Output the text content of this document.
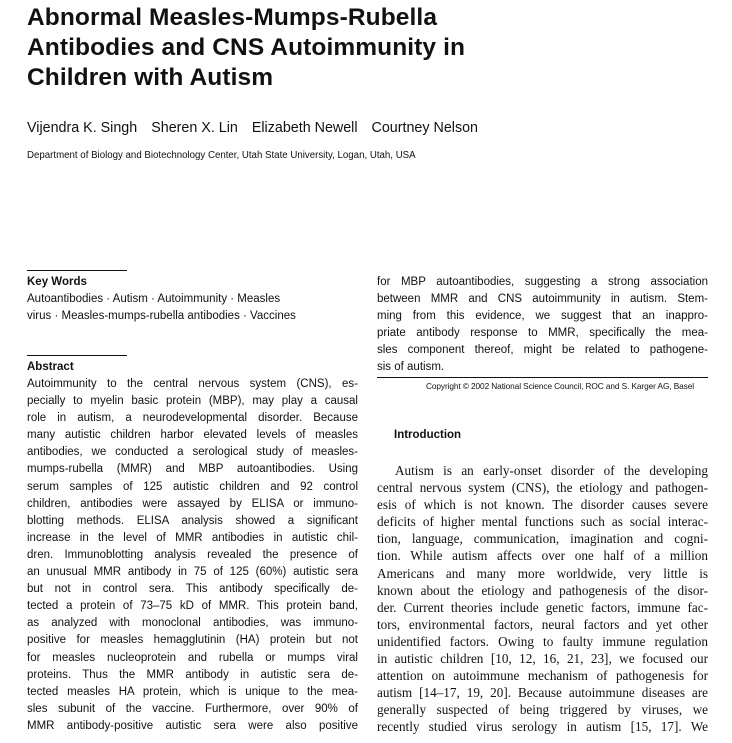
Abnormal Measles-Mumps-Rubella
Antibodies and CNS Autoimmunity in
Children with Autism
Vijendra K. Singh Sheren X. Lin Elizabeth Newell Courtney Nelson
Department of Biology and Biotechnology Center, Utah State University, Logan, Utah, USA
Key Words
Autoantibodies · Autism · Autoimmunity · Measles
virus · Measles-mumps-rubella antibodies · Vaccines
Abstract
Autoimmunity to the central nervous system (CNS), es-
pecially to myelin basic protein (MBP), may play a causal
role in autism, a neurodevelopmental disorder. Because
many autistic children harbor elevated levels of measles
antibodies, we conducted a serological study of measles-
mumps-rubella (MMR) and MBP autoantibodies. Using
serum samples of 125 autistic children and 92 control
children, antibodies were assayed by ELISA or immuno-
blotting methods. ELISA analysis showed a significant
increase in the level of MMR antibodies in autistic chil-
dren. Immunoblotting analysis revealed the presence of
an unusual MMR antibody in 75 of 125 (60%) autistic sera
but not in control sera. This antibody specifically de-
tected a protein of 73–75 kD of MMR. This protein band,
as analyzed with monoclonal antibodies, was immuno-
positive for measles hemagglutinin (HA) protein but not
for measles nucleoprotein and rubella or mumps viral
proteins. Thus the MMR antibody in autistic sera de-
tected measles HA protein, which is unique to the mea-
sles subunit of the vaccine. Furthermore, over 90% of
MMR antibody-positive autistic sera were also positive
for MBP autoantibodies, suggesting a strong association
between MMR and CNS autoimmunity in autism. Stem-
ming from this evidence, we suggest that an inappro-
priate antibody response to MMR, specifically the mea-
sles component thereof, might be related to pathogene-
sis of autism.
Copyright © 2002 National Science Council, ROC and S. Karger AG, Basel
Introduction
Autism is an early-onset disorder of the developing
central nervous system (CNS), the etiology and pathogen-
esis of which is not known. The disorder causes severe
deficits of higher mental functions such as social interac-
tion, language, communication, imagination and cogni-
tion. While autism affects over one half of a million
Americans and many more worldwide, very little is
known about the etiology and pathogenesis of the disor-
der. Current theories include genetic factors, immune fac-
tors, environmental factors, neural factors and yet other
unidentified factors. Owing to faulty immune regulation
in autistic children [10, 12, 16, 21, 23], we focused our
attention on autoimmune mechanism of pathogenesis for
autism [14–17, 19, 20]. Because autoimmune diseases are
generally suspected of being triggered by viruses, we
recently studied virus serology in autism [15, 17]. We
